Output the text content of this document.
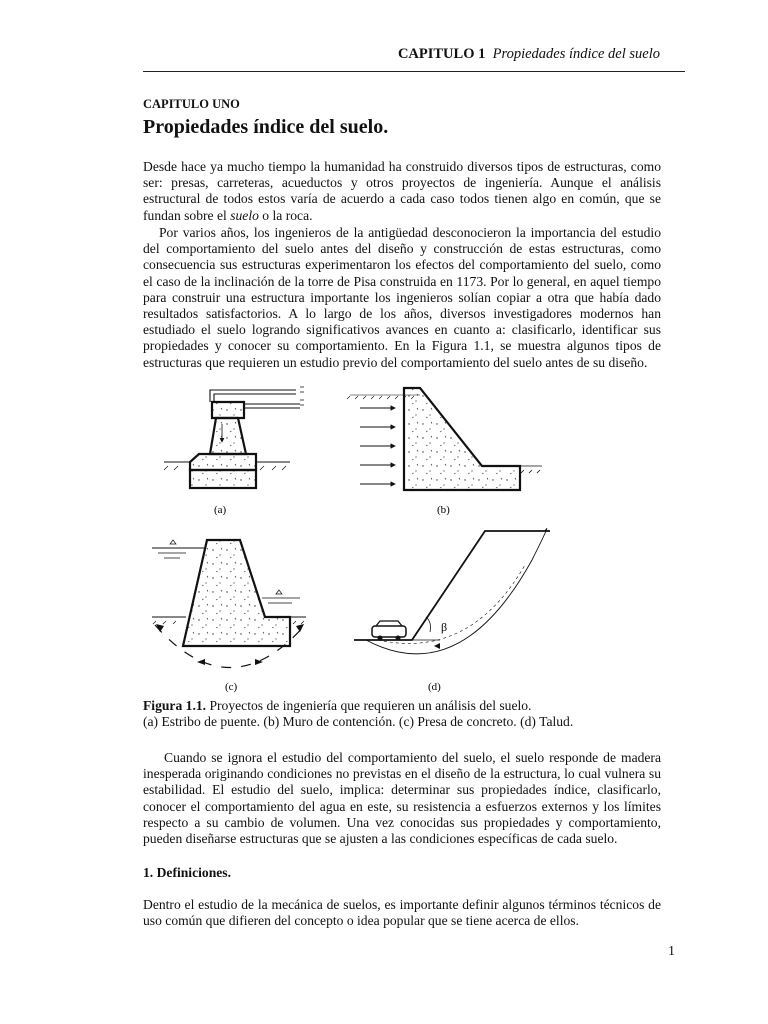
CAPITULO 1 Propiedades índice del suelo
CAPITULO UNO
Propiedades índice del suelo.
Desde hace ya mucho tiempo la humanidad ha construido diversos tipos de estructuras, como ser: presas, carreteras, acueductos y otros proyectos de ingeniería. Aunque el análisis estructural de todos estos varía de acuerdo a cada caso todos tienen algo en común, que se fundan sobre el suelo o la roca.
Por varios años, los ingenieros de la antigüedad desconocieron la importancia del estudio del comportamiento del suelo antes del diseño y construcción de estas estructuras, como consecuencia sus estructuras experimentaron los efectos del comportamiento del suelo, como el caso de la inclinación de la torre de Pisa construida en 1173. Por lo general, en aquel tiempo para construir una estructura importante los ingenieros solían copiar a otra que había dado resultados satisfactorios. A lo largo de los años, diversos investigadores modernos han estudiado el suelo logrando significativos avances en cuanto a: clasificarlo, identificar sus propiedades y conocer su comportamiento. En la Figura 1.1, se muestra algunos tipos de estructuras que requieren un estudio previo del comportamiento del suelo antes de su diseño.
(a)	(b)
(c)
β
(d)
Figura 1.1. Proyectos de ingeniería que requieren un análisis del suelo.
(a) Estribo de puente. (b) Muro de contención. (c) Presa de concreto. (d) Talud.
Cuando se ignora el estudio del comportamiento del suelo, el suelo responde de madera inesperada originando condiciones no previstas en el diseño de la estructura, lo cual vulnera su estabilidad. El estudio del suelo, implica: determinar sus propiedades índice, clasificarlo, conocer el comportamiento del agua en este, su resistencia a esfuerzos externos y los límites respecto a su cambio de volumen. Una vez conocidas sus propiedades y comportamiento, pueden diseñarse estructuras que se ajusten a las condiciones específicas de cada suelo.
1. Definiciones.
Dentro el estudio de la mecánica de suelos, es importante definir algunos términos técnicos de uso común que difieren del concepto o idea popular que se tiene acerca de ellos.
1
